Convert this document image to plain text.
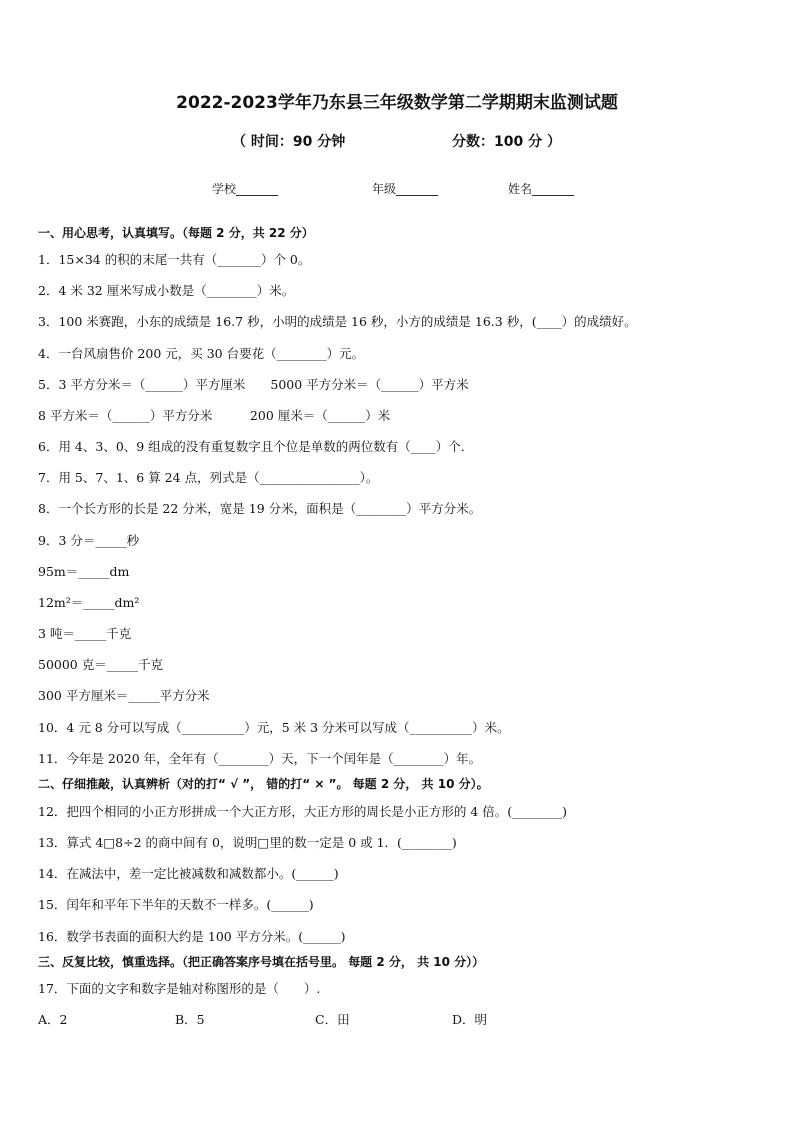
2022-2023学年乃东县三年级数学第二学期期末监测试题
（ 时间：90 分钟	分数：100 分 ）
学校_______	年级_______	姓名_______
一、用心思考，认真填写。（每题 2 分，共 22 分）
1．15×34 的积的末尾一共有（_______）个 0。
2．4 米 32 厘米写成小数是（________）米。
3．100 米赛跑，小东的成绩是 16.7 秒，小明的成绩是 16 秒，小方的成绩是 16.3 秒，(____）的成绩好。
4．一台风扇售价 200 元，买 30 台要花（________）元。
5．3 平方分米＝（______）平方厘米　　5000 平方分米＝（______）平方米
8 平方米＝（______）平方分米　　　200 厘米＝（______）米
6．用 4、3、0、9 组成的没有重复数字且个位是单数的两位数有（____）个．
7．用 5、7、1、6 算 24 点，列式是（________________）。
8．一个长方形的长是 22 分米，宽是 19 分米，面积是（________）平方分米。
9．3 分＝_____秒
95m＝_____dm
12m²＝_____dm²
3 吨＝_____千克
50000 克＝_____千克
300 平方厘米＝_____平方分米
10．4 元 8 分可以写成（__________）元，5 米 3 分米可以写成（__________）米。
11．今年是 2020 年，全年有（________）天，下一个闰年是（________）年。
二、仔细推敲，认真辨析（对的打“ √ ”， 错的打“ × ”。 每题 2 分， 共 10 分）。
12．把四个相同的小正方形拼成一个大正方形，大正方形的周长是小正方形的 4 倍。(________)
13．算式 4□8÷2 的商中间有 0，说明□里的数一定是 0 或 1．(________)
14．在减法中，差一定比被减数和减数都小。(______)
15．闰年和平年下半年的天数不一样多。(______)
16．数学书表面的面积大约是 100 平方分米。(______)
三、反复比较，慎重选择。（把正确答案序号填在括号里。 每题 2 分， 共 10 分））
17．下面的文字和数字是轴对称图形的是（　　）.
A．2	B．5	C．田	D．明
